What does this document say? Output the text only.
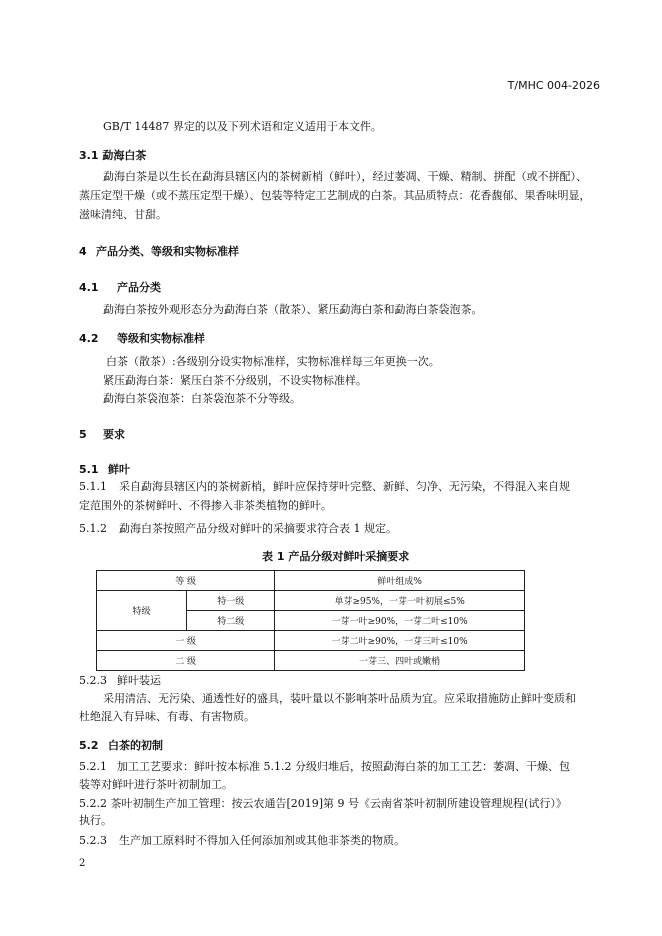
T/MHC 004-2026
GB/T 14487 界定的以及下列术语和定义适用于本文件。
3.1 勐海白茶
勐海白茶是以生长在勐海县辖区内的茶树新梢（鲜叶），经过萎凋、干燥、精制、拼配（或不拼配）、
蒸压定型干燥（或不蒸压定型干燥）、包装等特定工艺制成的白茶。其品质特点：花香馥郁、果香味明显，
滋味清纯、甘甜。
4 产品分类、等级和实物标准样
4.1 产品分类
勐海白茶按外观形态分为勐海白茶（散茶）、紧压勐海白茶和勐海白茶袋泡茶。
4.2 等级和实物标准样
白茶（散茶）:各级别分设实物标准样，实物标准样每三年更换一次。
紧压勐海白茶：紧压白茶不分级别，不设实物标准样。
勐海白茶袋泡茶：白茶袋泡茶不分等级。
5 要求
5.1 鲜叶
5.1.1 采自勐海县辖区内的茶树新梢，鲜叶应保持芽叶完整、新鲜、匀净、无污染，不得混入来自规
定范围外的茶树鲜叶、不得掺入非茶类植物的鲜叶。
5.1.2 勐海白茶按照产品分级对鲜叶的采摘要求符合表 1 规定。
表 1 产品分级对鲜叶采摘要求
等 级		鲜叶组成%
特级	特一级	单芽≥95%，一芽一叶初展≤5%
	特二级	一芽一叶≥90%，一芽二叶≤10%
一 级		一芽二叶≥90%，一芽三叶≤10%
二 级		一芽三、四叶或嫩梢
5.2.3 鲜叶装运
采用清洁、无污染、通透性好的盛具，装叶量以不影响茶叶品质为宜。应采取措施防止鲜叶变质和
杜绝混入有异味、有毒、有害物质。
5.2 白茶的初制
5.2.1 加工工艺要求：鲜叶按本标准 5.1.2 分级归堆后，按照勐海白茶的加工工艺：萎凋、干燥、包
装等对鲜叶进行茶叶初制加工。
5.2.2 茶叶初制生产加工管理：按云农通告[2019]第 9 号《云南省茶叶初制所建设管理规程(试行）》
执行。
5.2.3 生产加工原料时不得加入任何添加剂或其他非茶类的物质。
2
